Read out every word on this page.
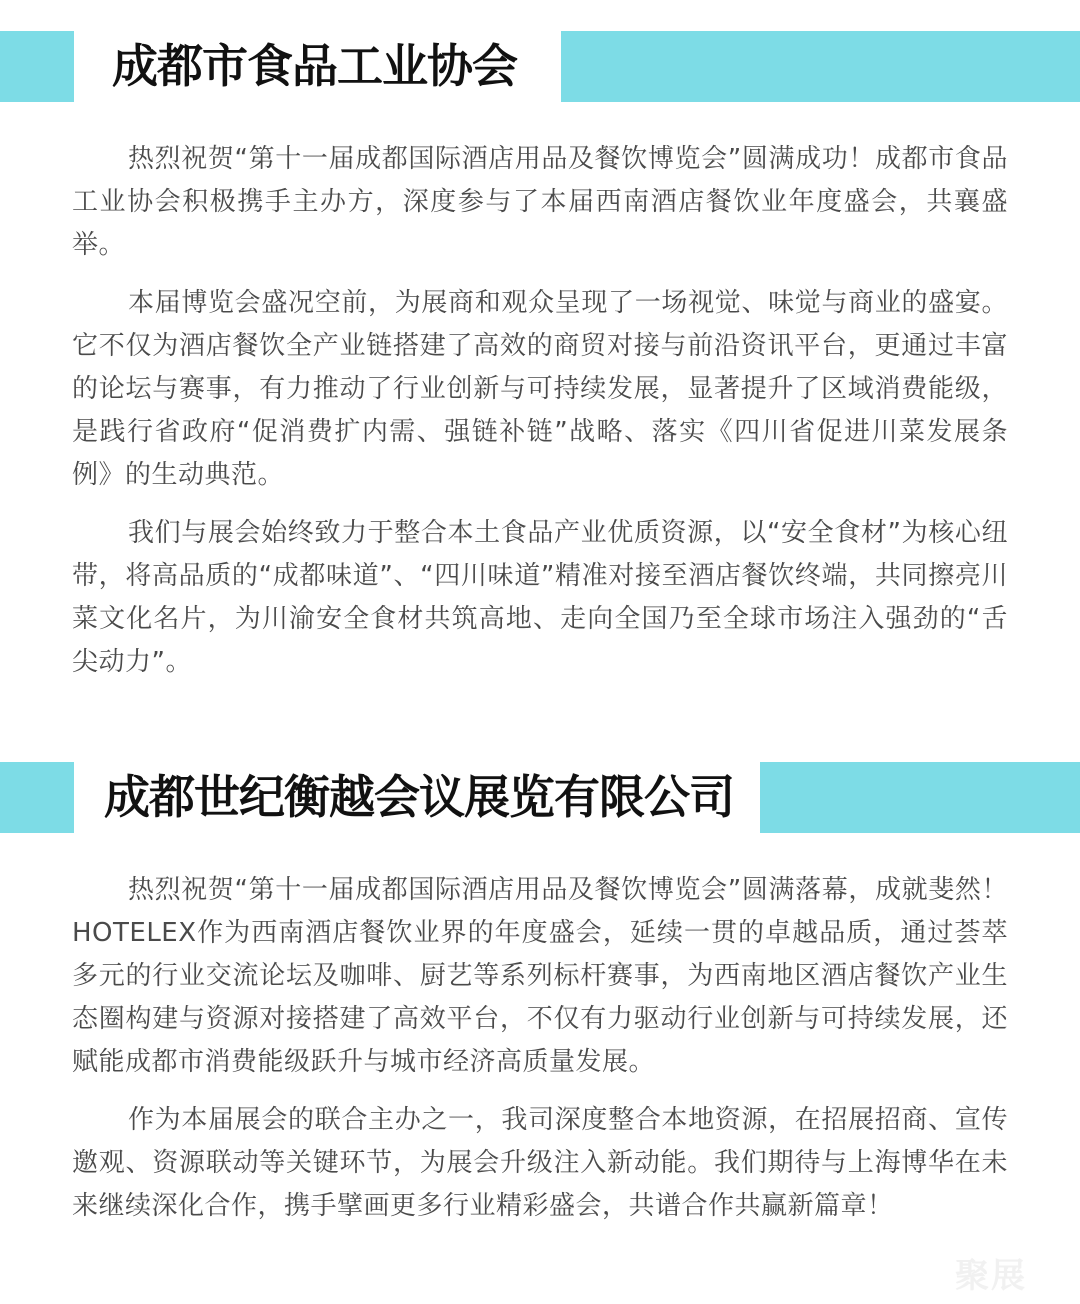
成都市食品工业协会

热烈祝贺“第十一届成都国际酒店用品及餐饮博览会”圆满成功！成都市食品工业协会积极携手主办方，深度参与了本届西南酒店餐饮业年度盛会，共襄盛举。

本届博览会盛况空前，为展商和观众呈现了一场视觉、味觉与商业的盛宴。它不仅为酒店餐饮全产业链搭建了高效的商贸对接与前沿资讯平台，更通过丰富的论坛与赛事，有力推动了行业创新与可持续发展，显著提升了区域消费能级，是践行省政府“促消费扩内需、强链补链”战略、落实《四川省促进川菜发展条例》的生动典范。

我们与展会始终致力于整合本土食品产业优质资源，以“安全食材”为核心纽带，将高品质的“成都味道”、“四川味道”精准对接至酒店餐饮终端，共同擦亮川菜文化名片，为川渝安全食材共筑高地、走向全国乃至全球市场注入强劲的“舌尖动力”。

成都世纪衡越会议展览有限公司

热烈祝贺“第十一届成都国际酒店用品及餐饮博览会”圆满落幕，成就斐然！ HOTELEX作为西南酒店餐饮业界的年度盛会，延续一贯的卓越品质，通过荟萃多元的行业交流论坛及咖啡、厨艺等系列标杆赛事，为西南地区酒店餐饮产业生态圈构建与资源对接搭建了高效平台，不仅有力驱动行业创新与可持续发展，还赋能成都市消费能级跃升与城市经济高质量发展。

作为本届展会的联合主办之一，我司深度整合本地资源，在招展招商、宣传邀观、资源联动等关键环节，为展会升级注入新动能。我们期待与上海博华在未来继续深化合作，携手擘画更多行业精彩盛会，共谱合作共赢新篇章！

聚展
